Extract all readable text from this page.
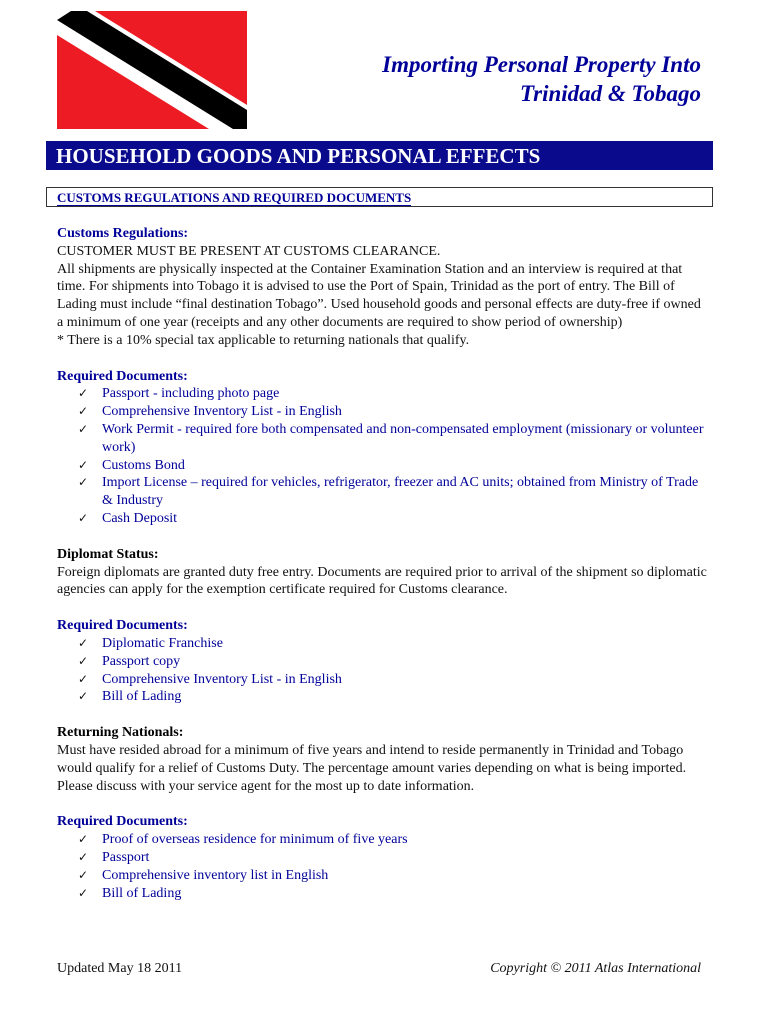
Importing Personal Property Into
Trinidad & Tobago
HOUSEHOLD GOODS AND PERSONAL EFFECTS
CUSTOMS REGULATIONS AND REQUIRED DOCUMENTS

Customs Regulations:

CUSTOMER MUST BE PRESENT AT CUSTOMS CLEARANCE.

All shipments are physically inspected at the Container Examination Station and an interview is required at that time. For shipments into Tobago it is advised to use the Port of Spain, Trinidad as the port of entry. The Bill of Lading must include “final destination Tobago”. Used household goods and personal effects are duty-free if owned a minimum of one year (receipts and any other documents are required to show period of ownership)

* There is a 10% special tax applicable to returning nationals that qualify.

Required Documents:

✓ Passport - including photo page
✓ Comprehensive Inventory List - in English
✓ Work Permit - required fore both compensated and non-compensated employment (missionary or volunteer work)
✓ Customs Bond
✓ Import License – required for vehicles, refrigerator, freezer and AC units; obtained from Ministry of Trade & Industry
✓ Cash Deposit

Diplomat Status:

Foreign diplomats are granted duty free entry. Documents are required prior to arrival of the shipment so diplomatic agencies can apply for the exemption certificate required for Customs clearance.

Required Documents:

✓ Diplomatic Franchise
✓ Passport copy
✓ Comprehensive Inventory List - in English
✓ Bill of Lading

Returning Nationals:

Must have resided abroad for a minimum of five years and intend to reside permanently in Trinidad and Tobago would qualify for a relief of Customs Duty. The percentage amount varies depending on what is being imported. Please discuss with your service agent for the most up to date information.

Required Documents:

✓ Proof of overseas residence for minimum of five years
✓ Passport
✓ Comprehensive inventory list in English
✓ Bill of Lading
Updated May 18 2011	Copyright © 2011 Atlas International
